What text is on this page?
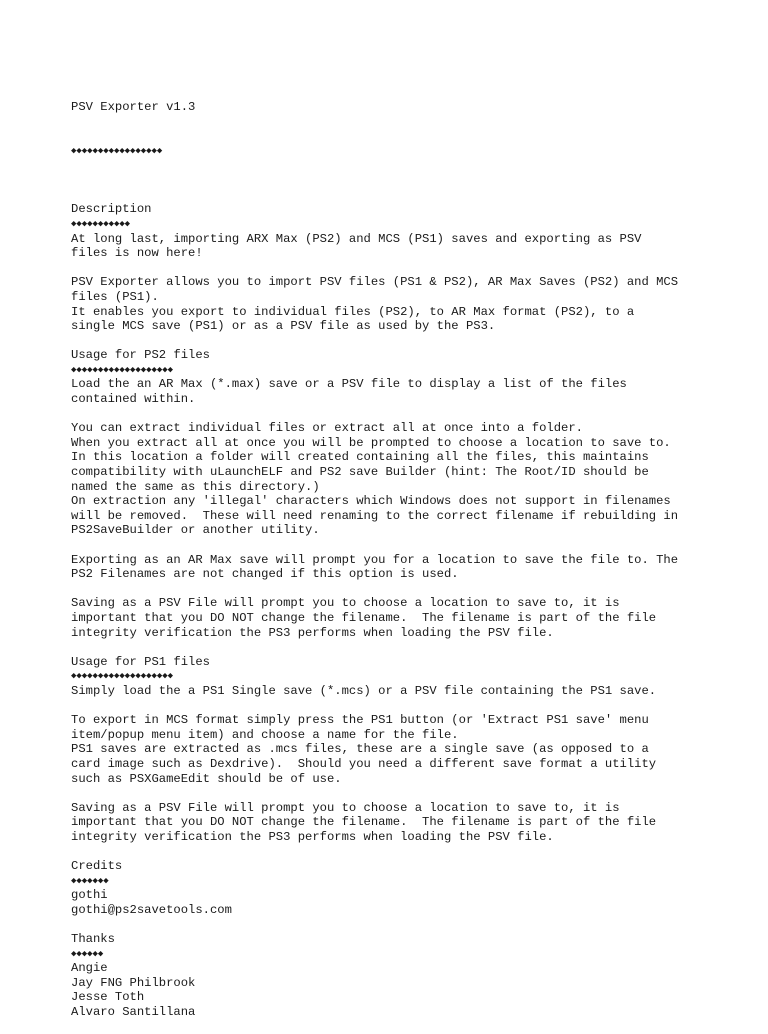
PSV Exporter v1.3

◆◆◆◆◆◆◆◆◆◆◆◆◆◆◆◆◆

Description
◆◆◆◆◆◆◆◆◆◆◆
At long last, importing ARX Max (PS2) and MCS (PS1) saves and exporting as PSV
files is now here!
PSV Exporter allows you to import PSV files (PS1 & PS2), AR Max Saves (PS2) and MCS
files (PS1).
It enables you export to individual files (PS2), to AR Max format (PS2), to a
single MCS save (PS1) or as a PSV file as used by the PS3.
Usage for PS2 files
◆◆◆◆◆◆◆◆◆◆◆◆◆◆◆◆◆◆◆
Load the an AR Max (*.max) save or a PSV file to display a list of the files
contained within.
You can extract individual files or extract all at once into a folder.
When you extract all at once you will be prompted to choose a location to save to.
In this location a folder will created containing all the files, this maintains
compatibility with uLaunchELF and PS2 save Builder (hint: The Root/ID should be
named the same as this directory.)
On extraction any 'illegal' characters which Windows does not support in filenames
will be removed.  These will need renaming to the correct filename if rebuilding in
PS2SaveBuilder or another utility.
Exporting as an AR Max save will prompt you for a location to save the file to. The
PS2 Filenames are not changed if this option is used.
Saving as a PSV File will prompt you to choose a location to save to, it is
important that you DO NOT change the filename.  The filename is part of the file
integrity verification the PS3 performs when loading the PSV file.
Usage for PS1 files
◆◆◆◆◆◆◆◆◆◆◆◆◆◆◆◆◆◆◆
Simply load the a PS1 Single save (*.mcs) or a PSV file containing the PS1 save.
To export in MCS format simply press the PS1 button (or 'Extract PS1 save' menu
item/popup menu item) and choose a name for the file.
PS1 saves are extracted as .mcs files, these are a single save (as opposed to a
card image such as Dexdrive).  Should you need a different save format a utility
such as PSXGameEdit should be of use.
Saving as a PSV File will prompt you to choose a location to save to, it is
important that you DO NOT change the filename.  The filename is part of the file
integrity verification the PS3 performs when loading the PSV file.
Credits
◆◆◆◆◆◆◆
gothi
gothi@ps2savetools.com
Thanks
◆◆◆◆◆◆
Angie
Jay FNG Philbrook
Jesse Toth
Alvaro Santillana
